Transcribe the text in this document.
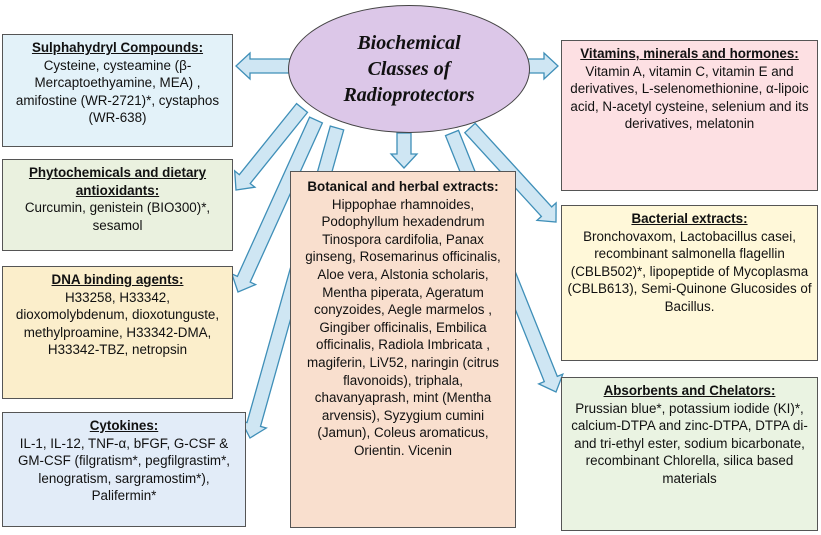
Sulphahydryl Compounds:
Cysteine, cysteamine (β-Mercaptoethyamine, MEA) , amifostine (WR-2721)*, cystaphos (WR-638)
Phytochemicals and dietary antioxidants:
Curcumin, genistein (BIO300)*, sesamol
DNA binding agents:
H33258, H33342, dioxomolybdenum, dioxotunguste, methylproamine, H33342-DMA, H33342-TBZ, netropsin
Cytokines:
IL-1, IL-12, TNF-α, bFGF, G-CSF & GM-CSF (filgratism*, pegfilgrastim*, lenogratism, sargramostim*), Palifermin*
Botanical and herbal extracts:
Hippophae rhamnoides, Podophyllum hexadendrum Tinospora cardifolia, Panax ginseng, Rosemarinus officinalis, Aloe vera, Alstonia scholaris, Mentha piperata, Ageratum conyzoides, Aegle marmelos , Gingiber officinalis, Embilica officinalis, Radiola Imbricata , magiferin, LiV52, naringin (citrus flavonoids), triphala, chavanyaprash, mint (Mentha arvensis), Syzygium cumini (Jamun), Coleus aromaticus, Orientin. Vicenin
Vitamins, minerals and hormones:
Vitamin A, vitamin C, vitamin E and derivatives, L-selenomethionine, α-lipoic acid, N-acetyl cysteine, selenium and its derivatives, melatonin
Bacterial extracts:
Bronchovaxom, Lactobacillus casei, recombinant salmonella flagellin (CBLB502)*, lipopeptide of Mycoplasma (CBLB613), Semi-Quinone Glucosides of Bacillus.
Absorbents and Chelators:
Prussian blue*, potassium iodide (KI)*, calcium-DTPA and zinc-DTPA, DTPA di- and tri-ethyl ester, sodium bicarbonate, recombinant Chlorella, silica based materials
Biochemical Classes of Radioprotectors
